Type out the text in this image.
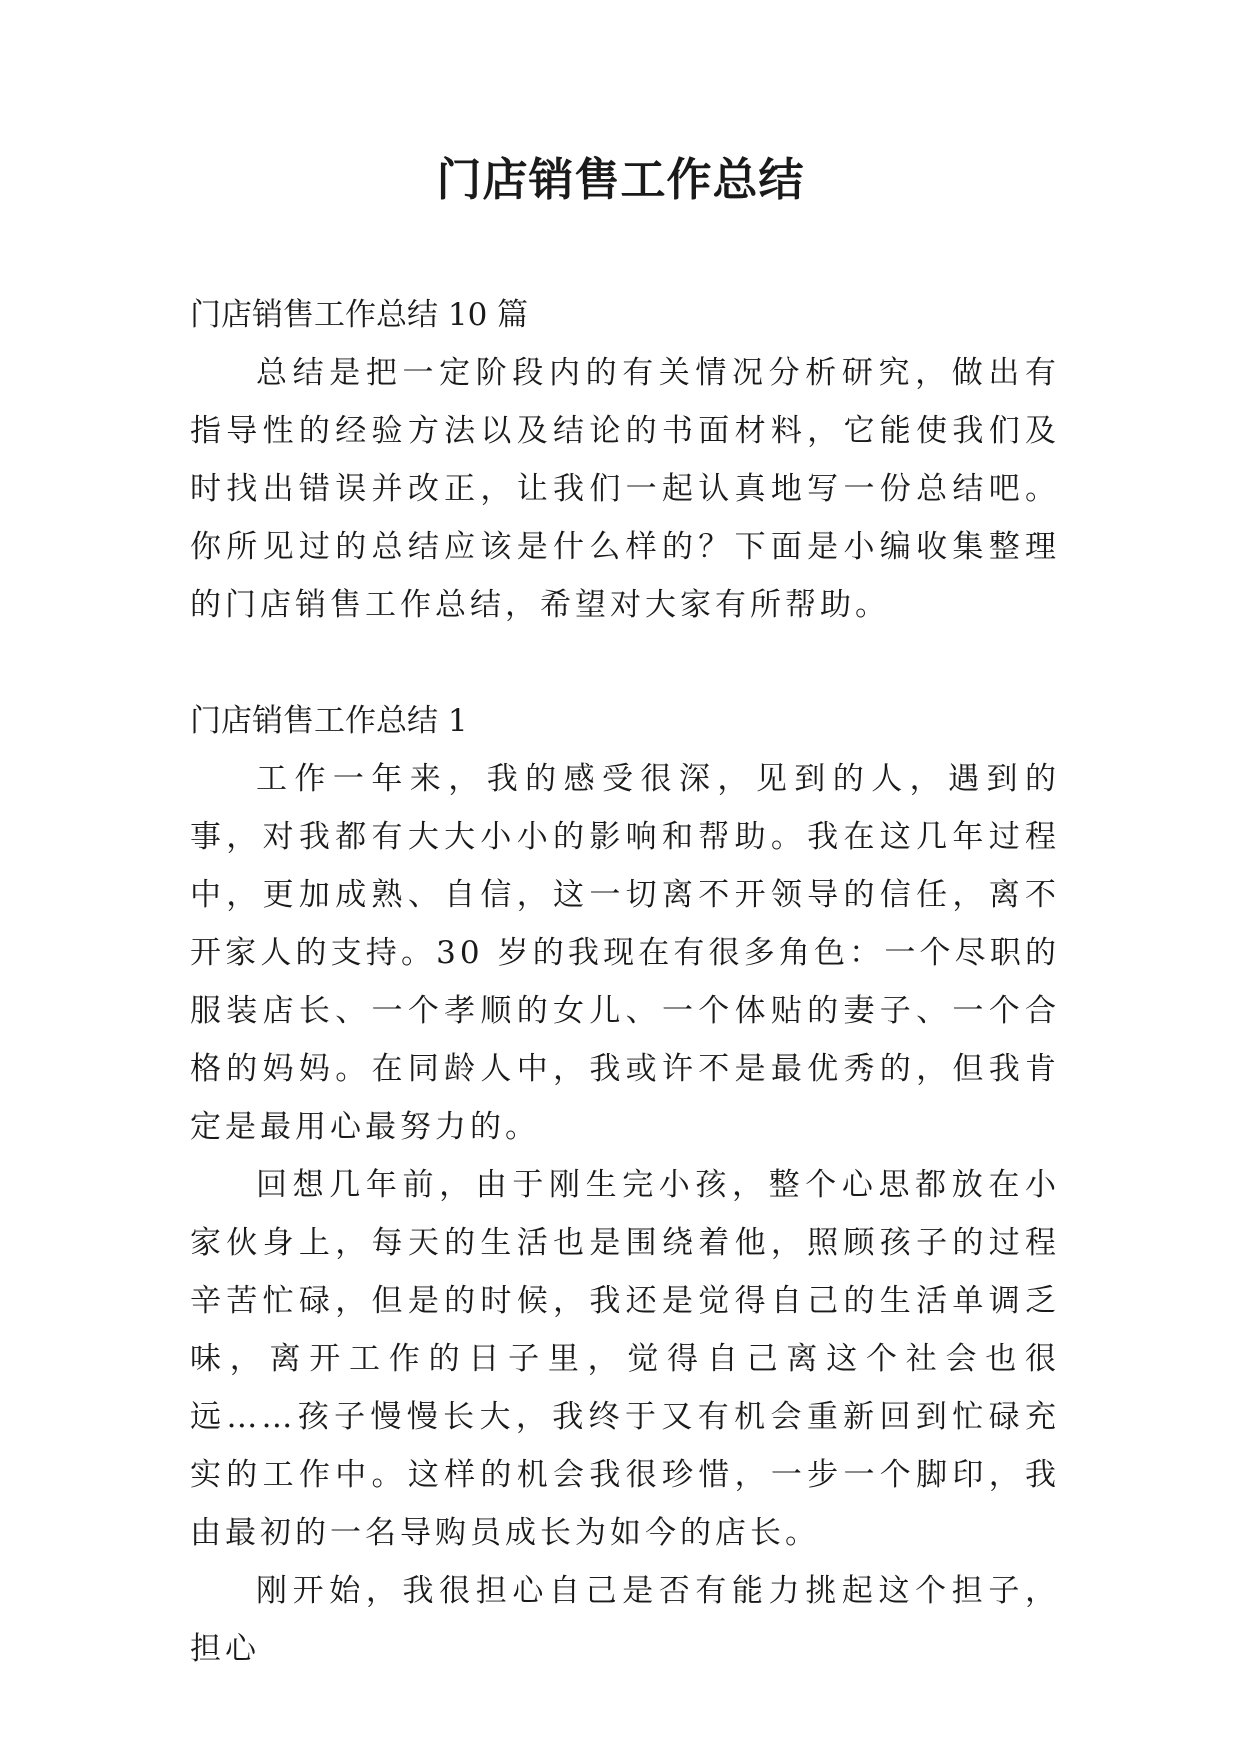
门店销售工作总结

门店销售工作总结 10 篇

总结是把一定阶段内的有关情况分析研究，做出有指导性的经验方法以及结论的书面材料，它能使我们及时找出错误并改正，让我们一起认真地写一份总结吧。你所见过的总结应该是什么样的？下面是小编收集整理的门店销售工作总结，希望对大家有所帮助。

门店销售工作总结 1

工作一年来，我的感受很深，见到的人，遇到的事，对我都有大大小小的影响和帮助。我在这几年过程中，更加成熟、自信，这一切离不开领导的信任，离不开家人的支持。30 岁的我现在有很多角色：一个尽职的服装店长、一个孝顺的女儿、一个体贴的妻子、一个合格的妈妈。在同龄人中，我或许不是最优秀的，但我肯定是最用心最努力的。

回想几年前，由于刚生完小孩，整个心思都放在小家伙身上，每天的生活也是围绕着他，照顾孩子的过程辛苦忙碌，但是的时候，我还是觉得自己的生活单调乏味，离开工作的日子里，觉得自己离这个社会也很远……孩子慢慢长大，我终于又有机会重新回到忙碌充实的工作中。这样的机会我很珍惜，一步一个脚印，我由最初的一名导购员成长为如今的店长。

刚开始，我很担心自己是否有能力挑起这个担子，担心
